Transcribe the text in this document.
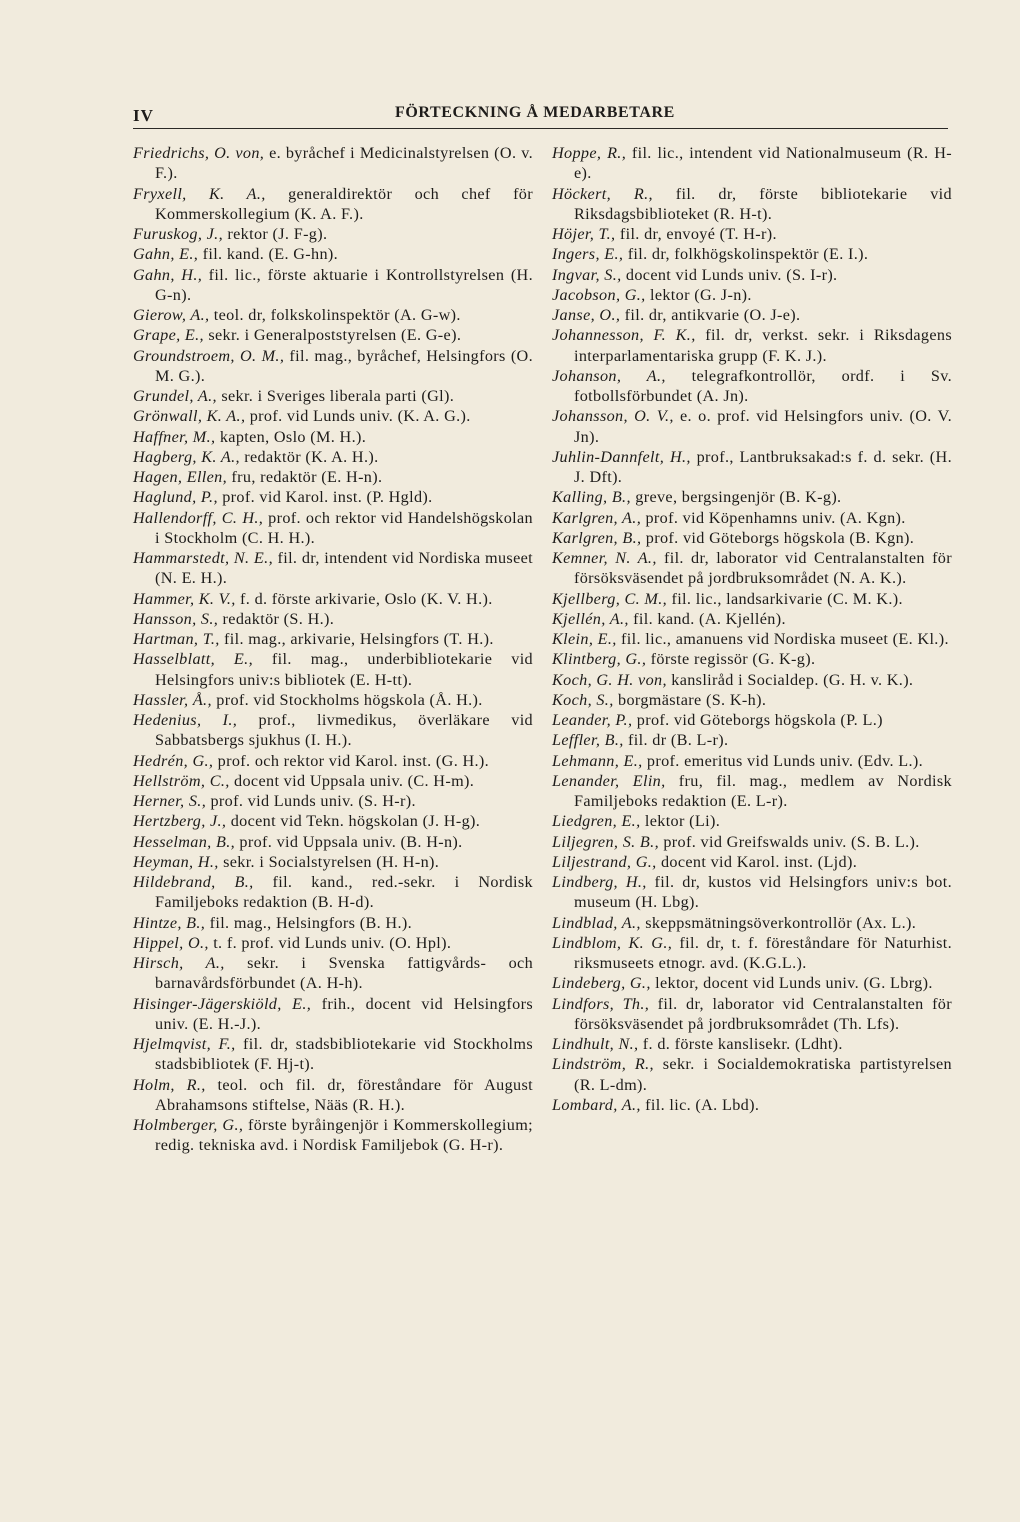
IV	FÖRTECKNING Å MEDARBETARE

Friedrichs, O. von, e. byråchef i Medicinalstyrelsen (O. v. F.).

Fryxell, K. A., generaldirektör och chef för Kommerskollegium (K. A. F.).

Furuskog, J., rektor (J. F-g).

Gahn, E., fil. kand. (E. G-hn).

Gahn, H., fil. lic., förste aktuarie i Kontrollstyrelsen (H. G-n).

Gierow, A., teol. dr, folkskolinspektör (A. G-w).

Grape, E., sekr. i Generalpoststyrelsen (E. G-e).

Groundstroem, O. M., fil. mag., byråchef, Helsingfors (O. M. G.).

Grundel, A., sekr. i Sveriges liberala parti (Gl).

Grönwall, K. A., prof. vid Lunds univ. (K. A. G.).

Haffner, M., kapten, Oslo (M. H.).

Hagberg, K. A., redaktör (K. A. H.).

Hagen, Ellen, fru, redaktör (E. H-n).

Haglund, P., prof. vid Karol. inst. (P. Hgld).

Hallendorff, C. H., prof. och rektor vid Handelshögskolan i Stockholm (C. H. H.).

Hammarstedt, N. E., fil. dr, intendent vid Nordiska museet (N. E. H.).

Hammer, K. V., f. d. förste arkivarie, Oslo (K. V. H.).

Hansson, S., redaktör (S. H.).

Hartman, T., fil. mag., arkivarie, Helsingfors (T. H.).

Hasselblatt, E., fil. mag., underbibliotekarie vid Helsingfors univ:s bibliotek (E. H-tt).

Hassler, Å., prof. vid Stockholms högskola (Å. H.).

Hedenius, I., prof., livmedikus, överläkare vid Sabbatsbergs sjukhus (I. H.).

Hedrén, G., prof. och rektor vid Karol. inst. (G. H.).

Hellström, C., docent vid Uppsala univ. (C. H-m).

Herner, S., prof. vid Lunds univ. (S. H-r).

Hertzberg, J., docent vid Tekn. högskolan (J. H-g).

Hesselman, B., prof. vid Uppsala univ. (B. H-n).

Heyman, H., sekr. i Socialstyrelsen (H. H-n).

Hildebrand, B., fil. kand., red.-sekr. i Nordisk Familjeboks redaktion (B. H-d).

Hintze, B., fil. mag., Helsingfors (B. H.).

Hippel, O., t. f. prof. vid Lunds univ. (O. Hpl).

Hirsch, A., sekr. i Svenska fattigvårds- och barnavårdsförbundet (A. H-h).

Hisinger-Jägerskiöld, E., frih., docent vid Helsingfors univ. (E. H.-J.).

Hjelmqvist, F., fil. dr, stadsbibliotekarie vid Stockholms stadsbibliotek (F. Hj-t).

Holm, R., teol. och fil. dr, föreståndare för August Abrahamsons stiftelse, Nääs (R. H.).

Holmberger, G., förste byråingenjör i Kommerskollegium; redig. tekniska avd. i Nordisk Familjebok (G. H-r).

Hoppe, R., fil. lic., intendent vid Nationalmuseum (R. H-e).

Höckert, R., fil. dr, förste bibliotekarie vid Riksdagsbiblioteket (R. H-t).

Höjer, T., fil. dr, envoyé (T. H-r).

Ingers, E., fil. dr, folkhögskolinspektör (E. I.).

Ingvar, S., docent vid Lunds univ. (S. I-r).

Jacobson, G., lektor (G. J-n).

Janse, O., fil. dr, antikvarie (O. J-e).

Johannesson, F. K., fil. dr, verkst. sekr. i Riksdagens interparlamentariska grupp (F. K. J.).

Johanson, A., telegrafkontrollör, ordf. i Sv. fotbollsförbundet (A. Jn).

Johansson, O. V., e. o. prof. vid Helsingfors univ. (O. V. Jn).

Juhlin-Dannfelt, H., prof., Lantbruksakad:s f. d. sekr. (H. J. Dft).

Kalling, B., greve, bergsingenjör (B. K-g).

Karlgren, A., prof. vid Köpenhamns univ. (A. Kgn).

Karlgren, B., prof. vid Göteborgs högskola (B. Kgn).

Kemner, N. A., fil. dr, laborator vid Centralanstalten för försöksväsendet på jordbruksområdet (N. A. K.).

Kjellberg, C. M., fil. lic., landsarkivarie (C. M. K.).

Kjellén, A., fil. kand. (A. Kjellén).

Klein, E., fil. lic., amanuens vid Nordiska museet (E. Kl.).

Klintberg, G., förste regissör (G. K-g).

Koch, G. H. von, kanslіråd i Socialdep. (G. H. v. K.).

Koch, S., borgmästare (S. K-h).

Leander, P., prof. vid Göteborgs högskola (P. L.)

Leffler, B., fil. dr (B. L-r).

Lehmann, E., prof. emeritus vid Lunds univ. (Edv. L.).

Lenander, Elin, fru, fil. mag., medlem av Nordisk Familjeboks redaktion (E. L-r).

Liedgren, E., lektor (Li).

Liljegren, S. B., prof. vid Greifswalds univ. (S. B. L.).

Liljestrand, G., docent vid Karol. inst. (Ljd).

Lindberg, H., fil. dr, kustos vid Helsingfors univ:s bot. museum (H. Lbg).

Lindblad, A., skeppsmätningsöverkontrollör (Ax. L.).

Lindblom, K. G., fil. dr, t. f. föreståndare för Naturhist. riksmuseets etnogr. avd. (K.G.L.).

Lindeberg, G., lektor, docent vid Lunds univ. (G. Lbrg).

Lindfors, Th., fil. dr, laborator vid Centralanstalten för försöksväsendet på jordbruksområdet (Th. Lfs).

Lindhult, N., f. d. förste kanslisekr. (Ldht).

Lindström, R., sekr. i Socialdemokratiska partistyrelsen (R. L-dm).

Lombard, A., fil. lic. (A. Lbd).
